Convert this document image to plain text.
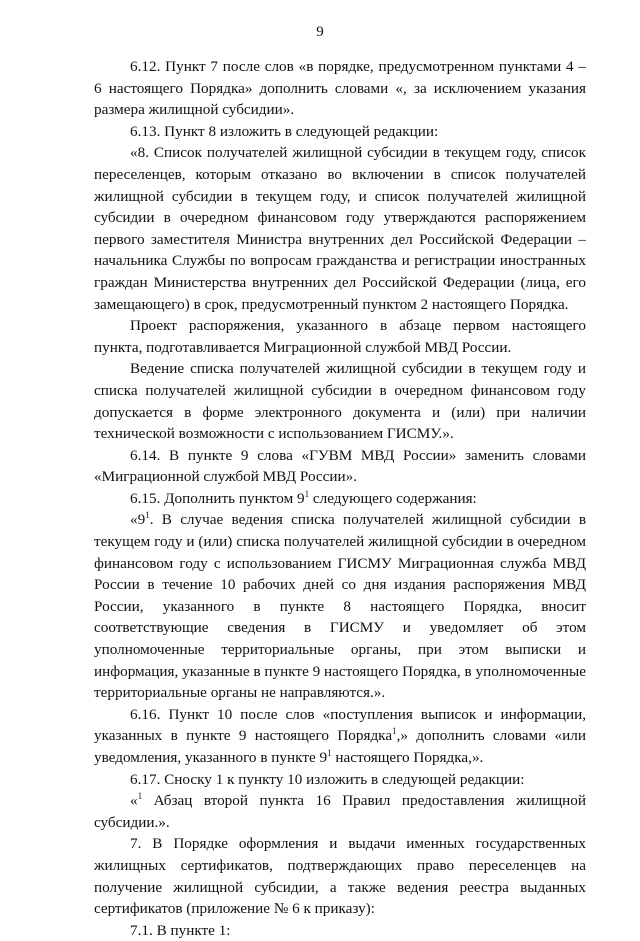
9

6.12. Пункт 7 после слов «в порядке, предусмотренном пунктами 4 – 6 настоящего Порядка» дополнить словами «, за исключением указания размера жилищной субсидии».

6.13. Пункт 8 изложить в следующей редакции:

«8. Список получателей жилищной субсидии в текущем году, список переселенцев, которым отказано во включении в список получателей жилищной субсидии в текущем году, и список получателей жилищной субсидии в очередном финансовом году утверждаются распоряжением первого заместителя Министра внутренних дел Российской Федерации – начальника Службы по вопросам гражданства и регистрации иностранных граждан Министерства внутренних дел Российской Федерации (лица, его замещающего) в срок, предусмотренный пунктом 2 настоящего Порядка.

Проект распоряжения, указанного в абзаце первом настоящего пункта, подготавливается Миграционной службой МВД России.

Ведение списка получателей жилищной субсидии в текущем году и списка получателей жилищной субсидии в очередном финансовом году допускается в форме электронного документа и (или) при наличии технической возможности с использованием ГИСМУ.».

6.14. В пункте 9 слова «ГУВМ МВД России» заменить словами «Миграционной службой МВД России».

6.15. Дополнить пунктом $9^1$ следующего содержания:

«$9^1$. В случае ведения списка получателей жилищной субсидии в текущем году и (или) списка получателей жилищной субсидии в очередном финансовом году с использованием ГИСМУ Миграционная служба МВД России в течение 10 рабочих дней со дня издания распоряжения МВД России, указанного в пункте 8 настоящего Порядка, вносит соответствующие сведения в ГИСМУ и уведомляет об этом уполномоченные территориальные органы, при этом выписки и информация, указанные в пункте 9 настоящего Порядка, в уполномоченные территориальные органы не направляются.».

6.16. Пункт 10 после слов «поступления выписок и информации, указанных в пункте 9 настоящего Порядка$^1$,» дополнить словами «или уведомления, указанного в пункте $9^1$ настоящего Порядка,».

6.17. Сноску 1 к пункту 10 изложить в следующей редакции:

«$^1$ Абзац второй пункта 16 Правил предоставления жилищной субсидии.».

7. В Порядке оформления и выдачи именных государственных жилищных сертификатов, подтверждающих право переселенцев на получение жилищной субсидии, а также ведения реестра выданных сертификатов (приложение № 6 к приказу):

7.1. В пункте 1:
